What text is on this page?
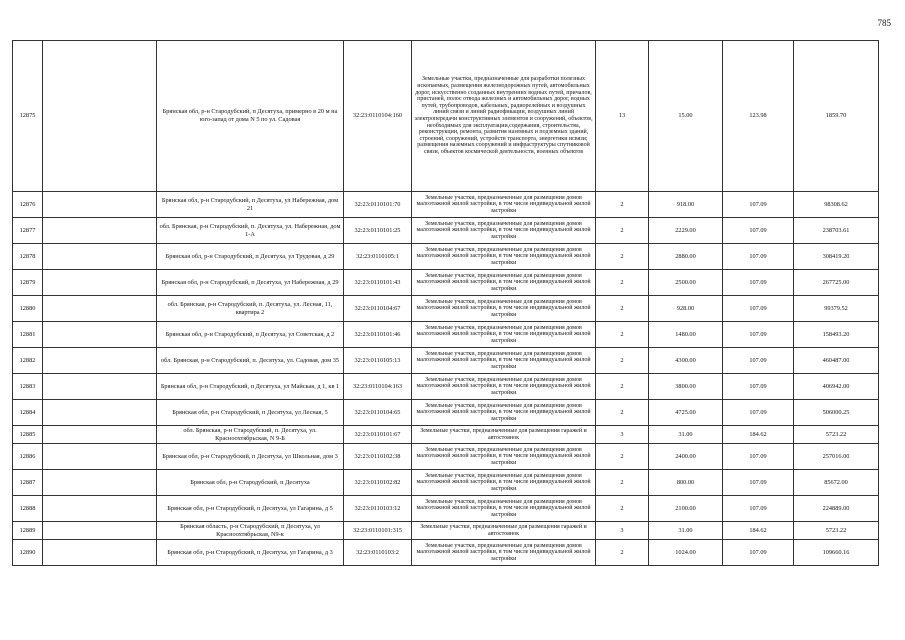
785
12875		Брянская обл, р-н Стародубский, п Десятуха, примерно в 20 м на юго-запад от дома N 5 по ул. Садовая	32:23:0110104:160	Земельные участки, предназначенные для разработки полезных ископаемых, размещения железнодорожных путей, автомобильных дорог, искусственно созданных внутренних водных путей, причалов, пристаней, полос отвода железных и автомобильных дорог, водных путей, трубопроводов, кабельных, радиорелейных и воздушных линий связи и линий радиофикации, воздушных линий электропередачи конструктивных элементов и сооружений, объектов, необходимых для эксплуатации,содержания, строительства, реконструкции, ремонта, развития наземных и подземных зданий, строений, сооружений, устройств транспорта, энергетики исвязи; размещения наземных сооружений и инфраструктуры спутниковой связи, объектов космической деятельности, военных объектов	13	15.00	123.98	1859.70
12876		Брянская обл, р-н Стародубский, п Десятуха, ул Набережная, дом 21	32:23:0110101:70	Земельные участки, предназначенные для размещения домов малоэтажной жилой застройки, в том числе индивидуальной жилой застройки	2	918.00	107.09	98308.62
12877		обл. Брянская, р-н Стародубский, п. Десятуха, ул. Набережная, дом 1-А	32:23:0110101:25	Земельные участки, предназначенные для размещения домов малоэтажной жилой застройки, в том числе индивидуальной жилой застройки	2	2229.00	107.09	238703.61
12878		Брянская обл, р-н Стародубский, п Десятуха, ул Трудовая, д 29	32:23:0110105:1	Земельные участки, предназначенные для размещения домов малоэтажной жилой застройки, в том числе индивидуальной жилой застройки	2	2880.00	107.09	308419.20
12879		Брянская обл, р-н Стародубский, п Десятуха, ул Набережная, д 29	32:23:0110101:43	Земельные участки, предназначенные для размещения домов малоэтажной жилой застройки, в том числе индивидуальной жилой застройки	2	2500.00	107.09	267725.00
12880		обл. Брянская, р-н Стародубский, п. Десятуха, ул. Лесная, 11, квартира 2	32:23:0110104:67	Земельные участки, предназначенные для размещения домов малоэтажной жилой застройки, в том числе индивидуальной жилой застройки	2	928.00	107.09	99379.52
12881		Брянская обл, р-н Стародубский, п Десятуха, ул Советская, д 2	32:23:0110101:46	Земельные участки, предназначенные для размещения домов малоэтажной жилой застройки, в том числе индивидуальной жилой застройки	2	1480.00	107.09	158493.20
12882		обл. Брянская, р-н Стародубский, п. Десятуха, ул. Садовая, дом 35	32:23:0110105:13	Земельные участки, предназначенные для размещения домов малоэтажной жилой застройки, в том числе индивидуальной жилой застройки	2	4300.00	107.09	460487.00
12883		Брянская обл, р-н Стародубский, п Десятуха, ул Майская, д 1, кв 1	32:23:0110104:163	Земельные участки, предназначенные для размещения домов малоэтажной жилой застройки, в том числе индивидуальной жилой застройки	2	3800.00	107.09	406942.00
12884		Брянская обл, р-н Стародубский, п Десятуха, ул Лесная, 5	32:23:0110104:65	Земельные участки, предназначенные для размещения домов малоэтажной жилой застройки, в том числе индивидуальной жилой застройки	2	4725.00	107.09	506000.25
12885		обл. Брянская, р-н Стародубский, п. Десятуха, ул. Красноохтябрьская, N 9-Б	32:23:0110101:67	Земельные участки, предназначенные для размещения гаражей и автостоянок	3	31.00	184.62	5723.22
12886		Брянская обл, р-н Стародубский, п Десятуха, ул Школьная, дом 3	32:23:0110102:38	Земельные участки, предназначенные для размещения домов малоэтажной жилой застройки, в том числе индивидуальной жилой застройки	2	2400.00	107.09	257016.00
12887		Брянская обл, р-н Стародубский, п Десятуха	32:23:0110102:82	Земельные участки, предназначенные для размещения домов малоэтажной жилой застройки, в том числе индивидуальной жилой застройки	2	800.00	107.09	85672.00
12888		Брянская обл, р-н Стародубский, п Десятуха, ул Гагарина, д 5	32:23:0110103:12	Земельные участки, предназначенные для размещения домов малоэтажной жилой застройки, в том числе индивидуальной жилой застройки	2	2100.00	107.09	224889.00
12889		Брянская область, р-н Стародубский, п Десятуха, ул Красноохтябрьская, N9-к	32:23:0110101:315	Земельные участки, предназначенные для размещения гаражей и автостоянок	3	31.00	184.62	5723.22
12890		Брянская обл, р-н Стародубский, п Десятуха, ул Гагарина, д 3	32:23:0110103:2	Земельные участки, предназначенные для размещения домов малоэтажной жилой застройки, в том числе индивидуальной жилой застройки	2	1024.00	107.09	109660.16
